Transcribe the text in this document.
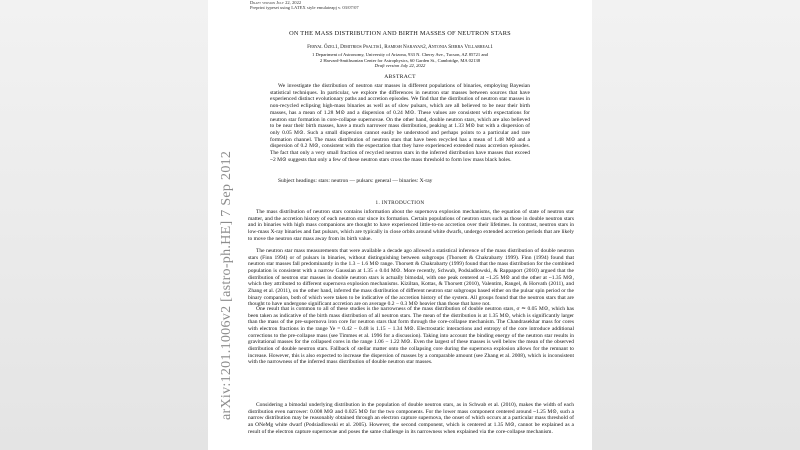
arXiv:1201.1006v2 [astro-ph.HE] 7 Sep 2012
Draft version July 22, 2022
Preprint typeset using LATEX style emulateapj v. 03/07/07
ON THE MASS DISTRIBUTION AND BIRTH MASSES OF NEUTRON STARS
Feryal Özel1, Dimitrios Psaltis1, Ramesh Narayan2, Antonia Sierra Villarreal1
1 Department of Astronomy, University of Arizona, 933 N. Cherry Ave., Tucson, AZ 85721 and
2 Harvard-Smithsonian Center for Astrophysics, 60 Garden St., Cambridge, MA 02138
Draft version July 22, 2022
ABSTRACT
We investigate the distribution of neutron star masses in different populations of binaries, employing Bayesian statistical techniques. In particular, we explore the differences in neutron star masses between sources that have experienced distinct evolutionary paths and accretion episodes. We find that the distribution of neutron star masses in non-recycled eclipsing high-mass binaries as well as of slow pulsars, which are all believed to be near their birth masses, has a mean of 1.28 M⊙ and a dispersion of 0.24 M⊙. These values are consistent with expectations for neutron star formation in core-collapse supernovae. On the other hand, double neutron stars, which are also believed to be near their birth masses, have a much narrower mass distribution, peaking at 1.33 M⊙ but with a dispersion of only 0.05 M⊙. Such a small dispersion cannot easily be understood and perhaps points to a particular and rare formation channel. The mass distribution of neutron stars that have been recycled has a mean of 1.48 M⊙ and a dispersion of 0.2 M⊙, consistent with the expectation that they have experienced extended mass accretion episodes. The fact that only a very small fraction of recycled neutron stars in the inferred distribution have masses that exceed ~2 M⊙ suggests that only a few of these neutron stars cross the mass threshold to form low mass black holes.
Subject headings: stars: neutron — pulsars: general — binaries: X-ray
1. INTRODUCTION

The mass distribution of neutron stars contains information about the supernova explosion mechanisms, the equation of state of neutron star matter, and the accretion history of each neutron star since its formation. Certain populations of neutron stars such as those in double neutron stars and in binaries with high mass companions are thought to have experienced little-to-no accretion over their lifetimes. In contrast, neutron stars in low-mass X-ray binaries and fast pulsars, which are typically in close orbits around white dwarfs, undergo extended accretion periods that are likely to move the neutron star mass away from its birth value.

The neutron star mass measurements that were available a decade ago allowed a statistical inference of the mass distribution of double neutron stars (Finn 1994) or of pulsars in binaries, without distinguishing between subgroups (Thorsett & Chakrabarty 1999). Finn (1994) found that neutron star masses fall predominantly in the 1.3 − 1.6 M⊙ range. Thorsett & Chakrabarty (1999) found that the mass distribution for the combined population is consistent with a narrow Gaussian at 1.35 ± 0.04 M⊙. More recently, Schwab, Podsiadlowski, & Rappaport (2010) argued that the distribution of neutron star masses in double neutron stars is actually bimodal, with one peak centered at ~1.25 M⊙ and the other at ~1.35 M⊙, which they attributed to different supernova explosion mechanisms. Kiziltan, Kottas, & Thorsett (2010), Valentim, Rangel, & Horvath (2011), and Zhang et al. (2011), on the other hand, inferred the mass distribution of different neutron star subgroups based either on the pulsar spin period or the binary companion, both of which were taken to be indicative of the accretion history of the system. All groups found that the neutron stars that are thought to have undergone significant accretion are on average 0.2 − 0.3 M⊙ heavier than those that have not.

One result that is common to all of these studies is the narrowness of the mass distribution of double neutron stars, σ ≃ 0.05 M⊙, which has been taken as indicative of the birth mass distribution of all neutron stars. The mean of the distribution is at 1.35 M⊙, which is significantly larger than the mass of the pre-supernova iron core for neutron stars that form through the core-collapse mechanism. The Chandrasekhar mass for cores with electron fractions in the range Ye = 0.42 − 0.48 is 1.15 − 1.34 M⊙. Electrostatic interactions and entropy of the core introduce additional corrections to the pre-collapse mass (see Timmes et al. 1996 for a discussion). Taking into account the binding energy of the neutron star results in gravitational masses for the collapsed cores in the range 1.06 − 1.22 M⊙. Even the largest of these masses is well below the mean of the observed distribution of double neutron stars. Fallback of stellar matter onto the collapsing core during the supernova explosion allows for the remnant to increase. However, this is also expected to increase the dispersion of masses by a comparable amount (see Zhang et al. 2008), which is inconsistent with the narrowness of the inferred mass distribution of double neutron star masses.

Considering a bimodal underlying distribution in the population of double neutron stars, as in Schwab et al. (2010), makes the width of each distribution even narrower: 0.008 M⊙ and 0.025 M⊙ for the two components. For the lower mass component centered around ~1.25 M⊙, such a narrow distribution may be reasonably obtained through an electron capture supernova, the onset of which occurs at a particular mass threshold of an ONeMg white dwarf (Podsiadlowski et al. 2005). However, the second component, which is centered at 1.35 M⊙, cannot be explained as a result of the electron capture supernovae and poses the same challenge in its narrowness when explained via the core-collapse mechanism.
